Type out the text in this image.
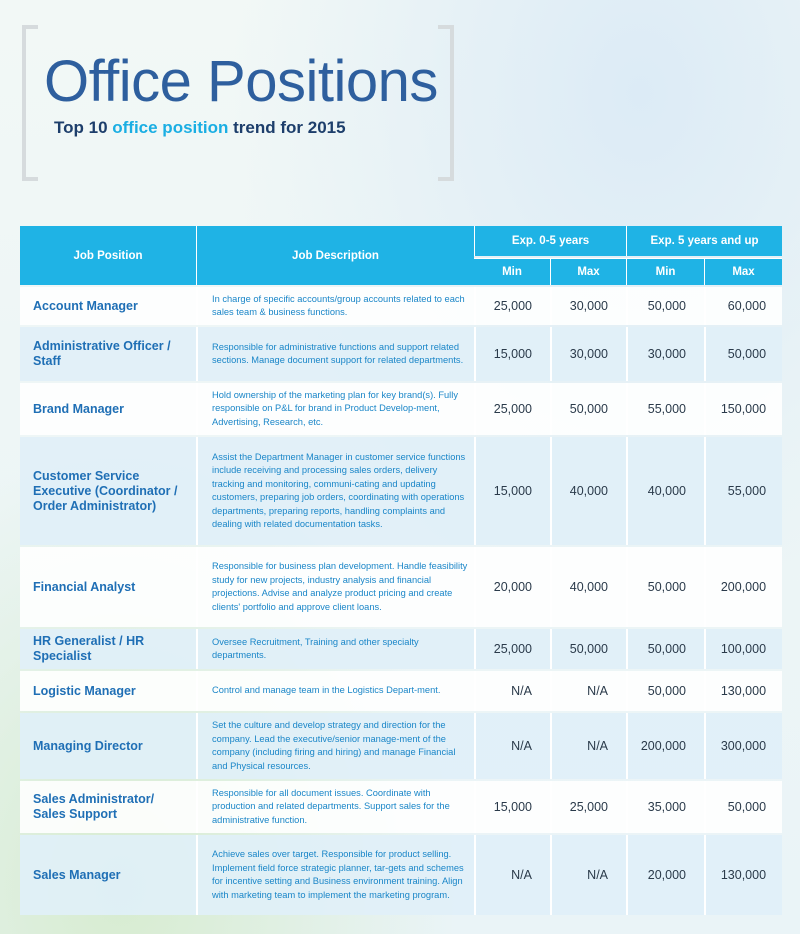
Office Positions
Top 10 office position trend for 2015
Job Position	Job Description	Exp. 0-5 years		Exp. 5 years and up	
		Min	Max	Min	Max
Account Manager	In charge of specific accounts/group accounts related to each sales team & business functions.	25,000	30,000	50,000	60,000
Administrative Officer / Staff	Responsible for administrative functions and support related sections. Manage document support for related departments.	15,000	30,000	30,000	50,000
Brand Manager	Hold ownership of the marketing plan for key brand(s). Fully responsible on P&L for brand in Product Develop-ment, Advertising, Research, etc.	25,000	50,000	55,000	150,000
Customer Service Executive (Coordinator / Order Administrator)	Assist the Department Manager in customer service functions include receiving and processing sales orders, delivery tracking and monitoring, communi-cating and updating customers, preparing job orders, coordinating with operations departments, preparing reports, handling complaints and dealing with related documentation tasks.	15,000	40,000	40,000	55,000
Financial Analyst	Responsible for business plan development. Handle feasibility study for new projects, industry analysis and financial projections. Advise and analyze product pricing and create clients' portfolio and approve client loans.	20,000	40,000	50,000	200,000
HR Generalist / HR Specialist	Oversee Recruitment, Training and other specialty departments.	25,000	50,000	50,000	100,000
Logistic Manager	Control and manage team in the Logistics Depart-ment.	N/A	N/A	50,000	130,000
Managing Director	Set the culture and develop strategy and direction for the company. Lead the executive/senior manage-ment of the company (including firing and hiring) and manage Financial and Physical resources.	N/A	N/A	200,000	300,000
Sales Administrator/ Sales Support	Responsible for all document issues. Coordinate with production and related departments. Support sales for the administrative function.	15,000	25,000	35,000	50,000
Sales Manager	Achieve sales over target. Responsible for product selling. Implement field force strategic planner, tar-gets and schemes for incentive setting and Business environment training. Align with marketing team to implement the marketing program.	N/A	N/A	20,000	130,000
